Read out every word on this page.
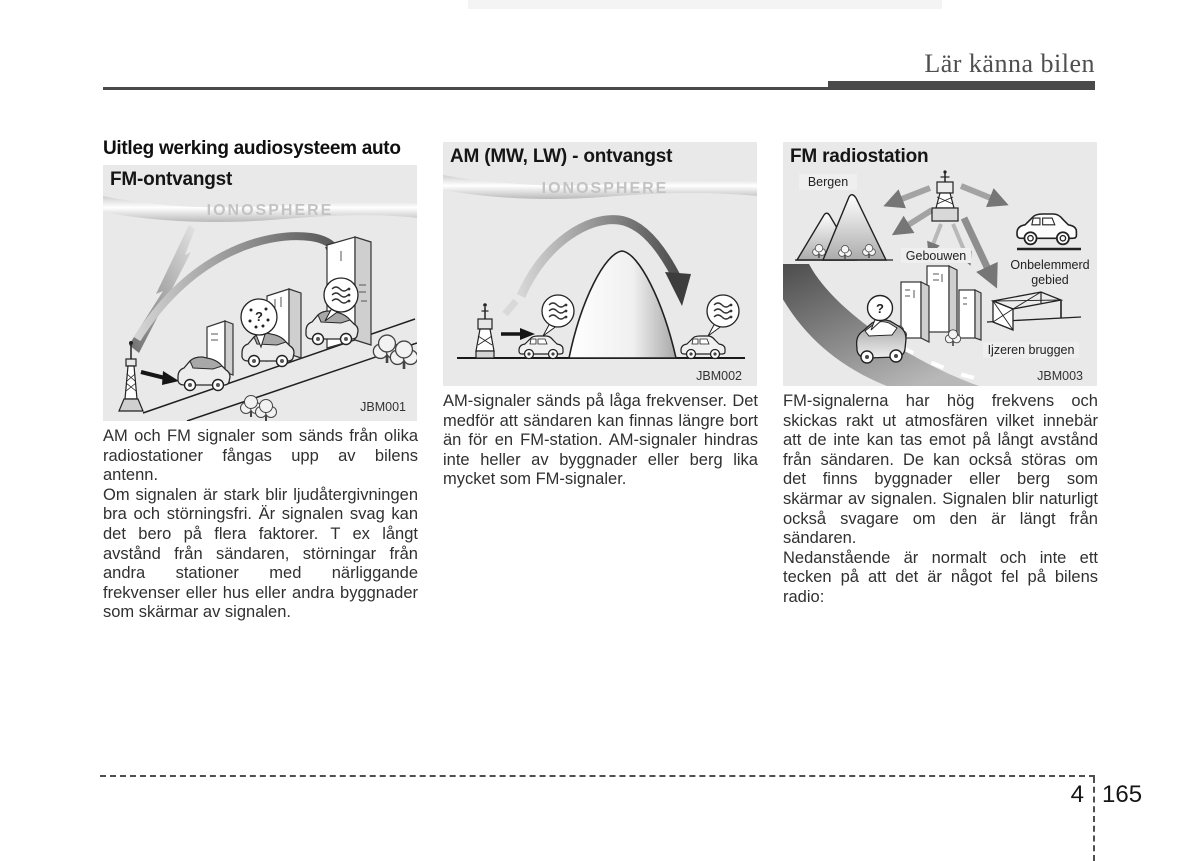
Lär känna bilen
Uitleg werking audiosysteem auto
FM-ontvangst
IONOSPHERE
?
JBM001

AM och FM signaler som sänds från olika radiostationer fångas upp av bilens antenn.

Om signalen är stark blir ljudåtergivningen bra och störningsfri. Är signalen svag kan det bero på flera faktorer. T ex långt avstånd från sändaren, störningar från andra stationer med närliggande frekvenser eller hus eller andra byggnader som skärmar av signalen.

AM (MW, LW) - ontvangst
IONOSPHERE
JBM002

AM-signaler sänds på låga frekvenser. Det medför att sändaren kan finnas längre bort än för en FM-station. AM-signaler hindras inte heller av byggnader eller berg lika mycket som FM-signaler.

FM radiostation
Bergen
Onbelemmerd
gebied
Gebouwen
Ijzeren bruggen
?
JBM003

FM-signalerna har hög frekvens och skickas rakt ut atmosfären vilket innebär att de inte kan tas emot på långt avstånd från sändaren. De kan också störas om det finns byggnader eller berg som skärmar av signalen. Signalen blir naturligt också svagare om den är längt från sändaren.

Nedanstående är normalt och inte ett tecken på att det är något fel på bilens radio:

4 165
